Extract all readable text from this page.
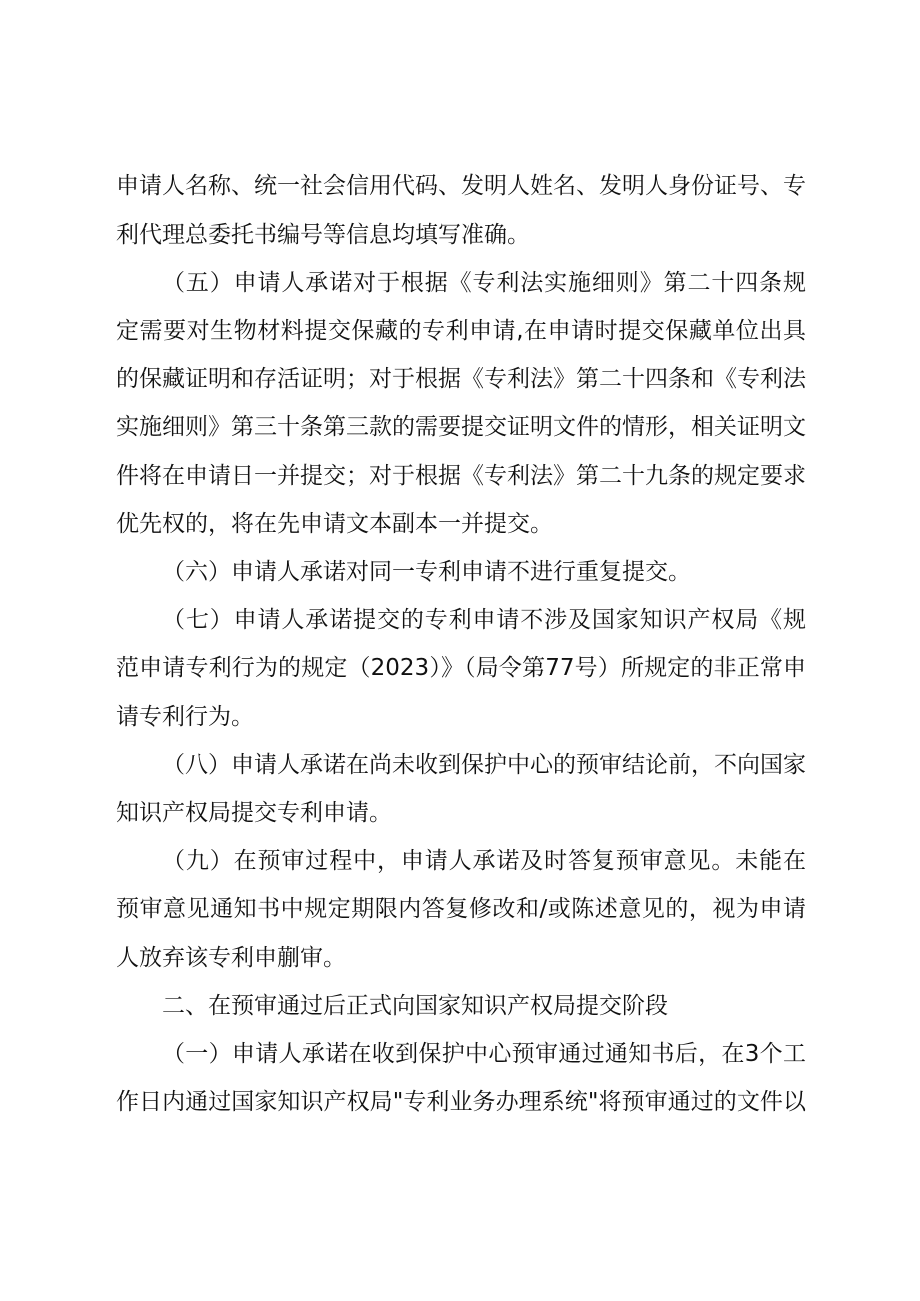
申请人名称、统一社会信用代码、发明人姓名、发明人身份证号、专
利代理总委托书编号等信息均填写准确。
（五）申请人承诺对于根据《专利法实施细则》第二十四条规
定需要对生物材料提交保藏的专利申请,在申请时提交保藏单位出具
的保藏证明和存活证明；对于根据《专利法》第二十四条和《专利法
实施细则》第三十条第三款的需要提交证明文件的情形，相关证明文
件将在申请日一并提交；对于根据《专利法》第二十九条的规定要求
优先权的，将在先申请文本副本一并提交。
（六）申请人承诺对同一专利申请不进行重复提交。
（七）申请人承诺提交的专利申请不涉及国家知识产权局《规
范申请专利行为的规定（2023）》（局令第77号）所规定的非正常申
请专利行为。
（八）申请人承诺在尚未收到保护中心的预审结论前，不向国家
知识产权局提交专利申请。
（九）在预审过程中，申请人承诺及时答复预审意见。未能在
预审意见通知书中规定期限内答复修改和/或陈述意见的，视为申请
人放弃该专利申蒯审。
二、在预审通过后正式向国家知识产权局提交阶段
（一）申请人承诺在收到保护中心预审通过通知书后，在3个工
作日内通过国家知识产权局"专利业务办理系统"将预审通过的文件以
